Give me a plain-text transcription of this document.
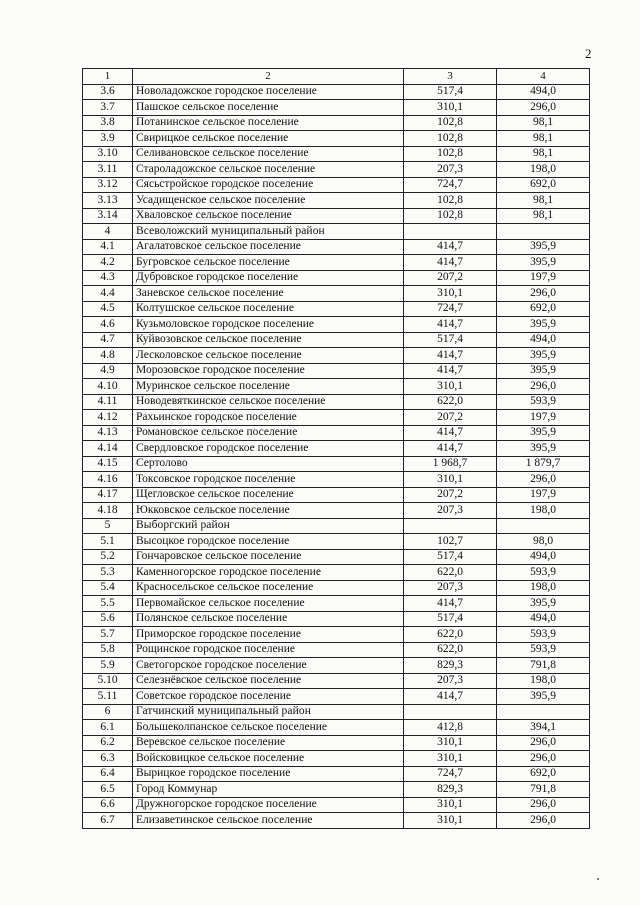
2
1	2	3	4
3.6	Новоладожское городское поселение	517,4	494,0
3.7	Пашское сельское поселение	310,1	296,0
3.8	Потанинское сельское поселение	102,8	98,1
3.9	Свирицкое сельское поселение	102,8	98,1
3.10	Селивановское сельское поселение	102,8	98,1
3.11	Староладожское сельское поселение	207,3	198,0
3.12	Сясьстройское городское поселение	724,7	692,0
3.13	Усадищенское сельское поселение	102,8	98,1
3.14	Хваловское сельское поселение	102,8	98,1
4	Всеволожский муниципальный район		
4.1	Агалатовское сельское поселение	414,7	395,9
4.2	Бугровское сельское поселение	414,7	395,9
4.3	Дубровское городское поселение	207,2	197,9
4.4	Заневское сельское поселение	310,1	296,0
4.5	Колтушское сельское поселение	724,7	692,0
4.6	Кузьмоловское городское поселение	414,7	395,9
4.7	Куйвозовское сельское поселение	517,4	494,0
4.8	Лесколовское сельское поселение	414,7	395,9
4.9	Морозовское городское поселение	414,7	395,9
4.10	Муринское сельское поселение	310,1	296,0
4.11	Новодевяткинское сельское поселение	622,0	593,9
4.12	Рахьинское городское поселение	207,2	197,9
4.13	Романовское сельское поселение	414,7	395,9
4.14	Свердловское городское поселение	414,7	395,9
4.15	Сертолово	1 968,7	1 879,7
4.16	Токсовское городское поселение	310,1	296,0
4.17	Щегловское сельское поселение	207,2	197,9
4.18	Юкковское сельское поселение	207,3	198,0
5	Выборгский район		
5.1	Высоцкое городское поселение	102,7	98,0
5.2	Гончаровское сельское поселение	517,4	494,0
5.3	Каменногорское городское поселение	622,0	593,9
5.4	Красносельское сельское поселение	207,3	198,0
5.5	Первомайское сельское поселение	414,7	395,9
5.6	Полянское сельское поселение	517,4	494,0
5.7	Приморское городское поселение	622,0	593,9
5.8	Рощинское городское поселение	622,0	593,9
5.9	Светогорское городское поселение	829,3	791,8
5.10	Селезнёвское сельское поселение	207,3	198,0
5.11	Советское городское поселение	414,7	395,9
6	Гатчинский муниципальный район		
6.1	Большеколпанское сельское поселение	412,8	394,1
6.2	Веревское сельское поселение	310,1	296,0
6.3	Войсковицкое сельское поселение	310,1	296,0
6.4	Вырицкое городское поселение	724,7	692,0
6.5	Город Коммунар	829,3	791,8
6.6	Дружногорское городское поселение	310,1	296,0
6.7	Елизаветинское сельское поселение	310,1	296,0
